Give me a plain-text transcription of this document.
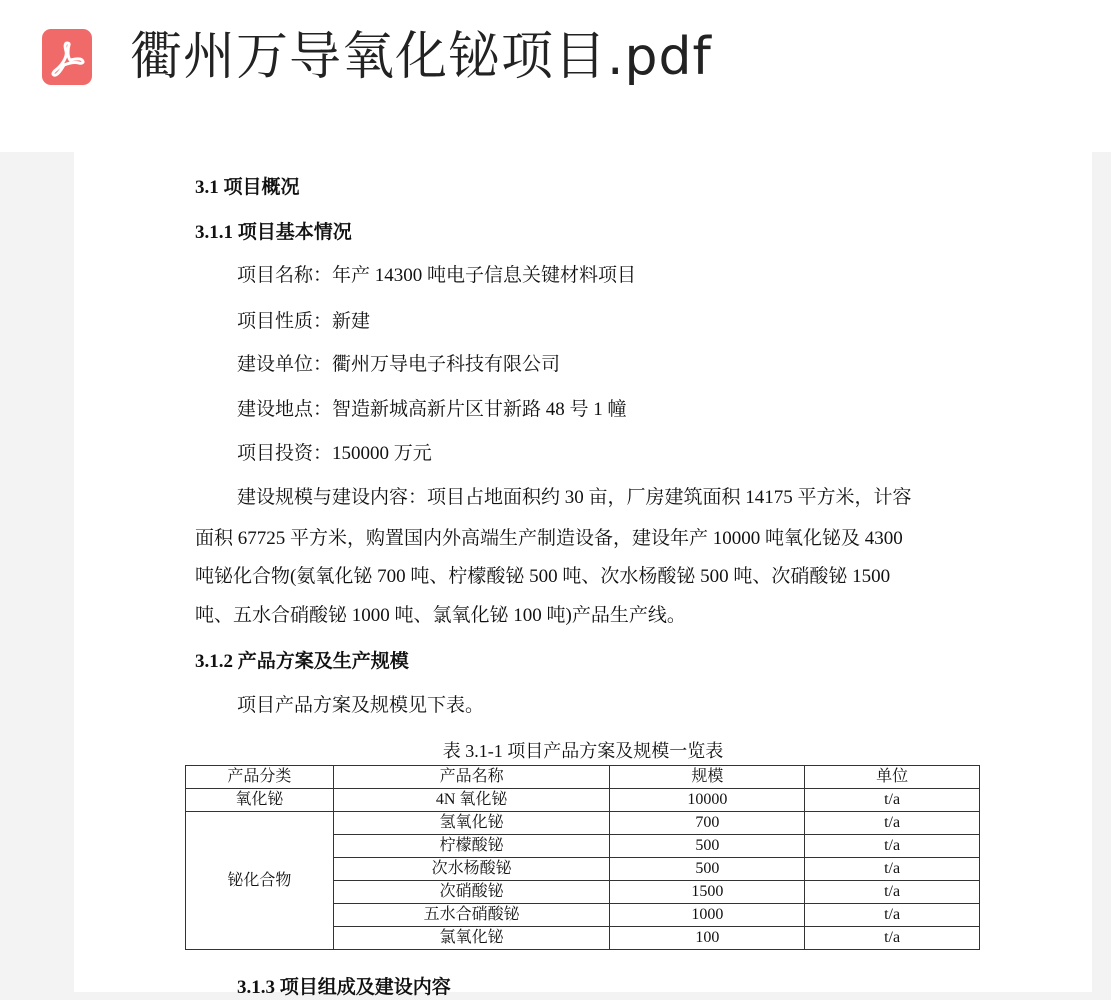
衢州万导氧化铋项目.pdf
3.1 项目概况
3.1.1 项目基本情况
项目名称：年产 14300 吨电子信息关键材料项目
项目性质：新建
建设单位：衢州万导电子科技有限公司
建设地点：智造新城高新片区甘新路 48 号 1 幢
项目投资：150000 万元
建设规模与建设内容：项目占地面积约 30 亩，厂房建筑面积 14175 平方米，计容
面积 67725 平方米，购置国内外高端生产制造设备，建设年产 10000 吨氧化铋及 4300
吨铋化合物(氨氧化铋 700 吨、柠檬酸铋 500 吨、次水杨酸铋 500 吨、次硝酸铋 1500
吨、五水合硝酸铋 1000 吨、氯氧化铋 100 吨)产品生产线。
3.1.2 产品方案及生产规模
项目产品方案及规模见下表。
表 3.1-1 项目产品方案及规模一览表
产品分类	产品名称	规模	单位
氧化铋	4N 氧化铋	10000	t/a
铋化合物	氢氧化铋	700	t/a
	柠檬酸铋	500	t/a
	次水杨酸铋	500	t/a
	次硝酸铋	1500	t/a
	五水合硝酸铋	1000	t/a
	氯氧化铋	100	t/a
3.1.3 项目组成及建设内容
